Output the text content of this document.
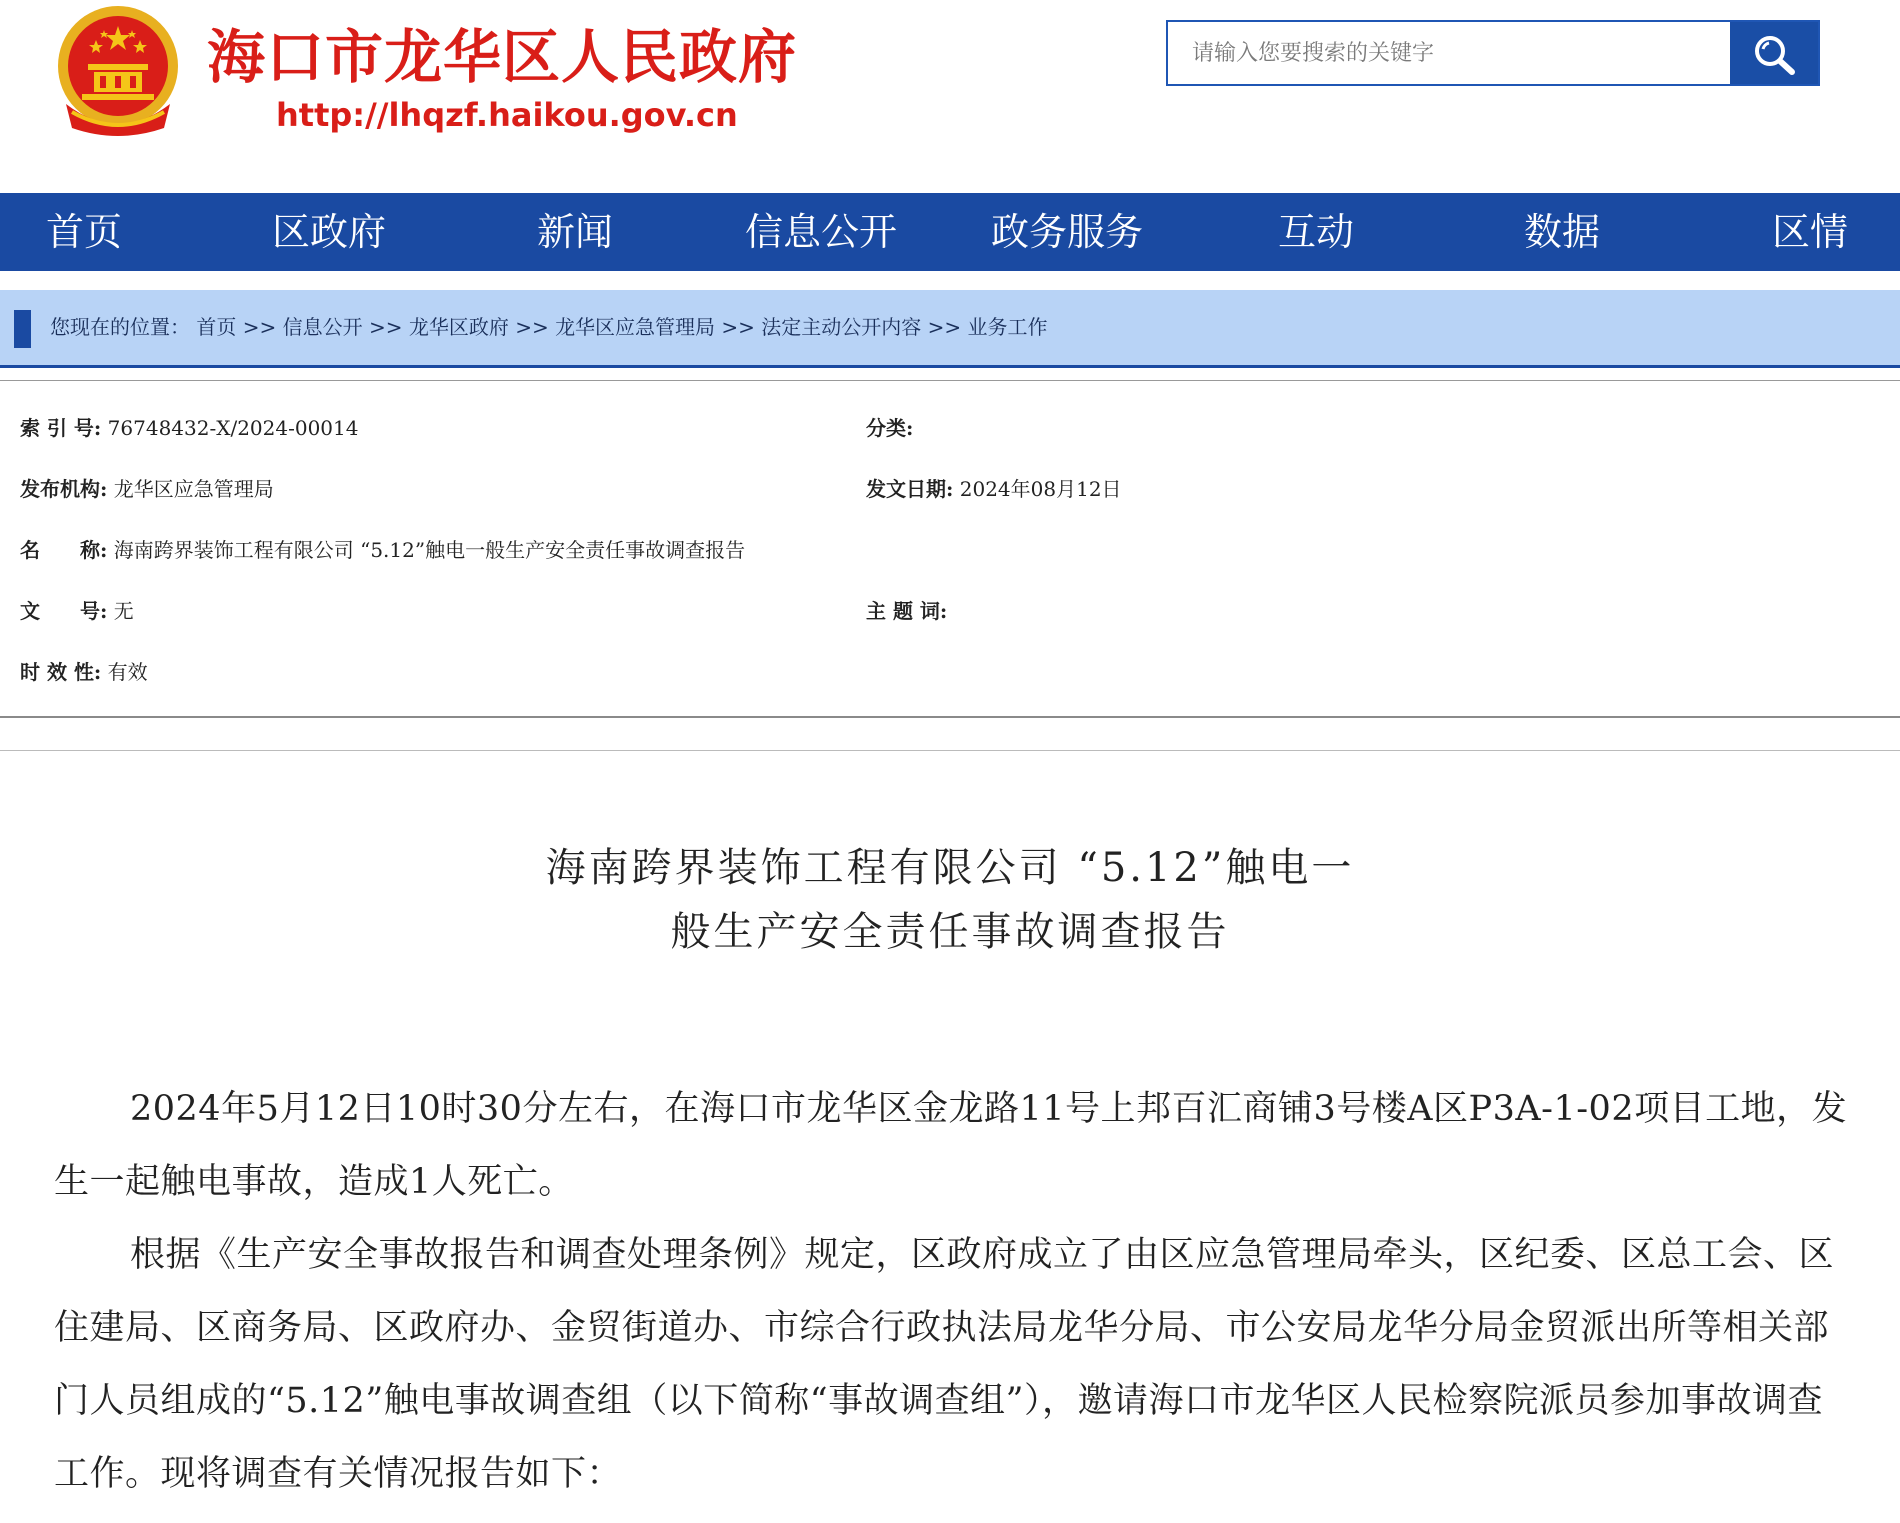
海口市龙华区人民政府
http://lhqzf.haikou.gov.cn
请输入您要搜索的关键字
首页	区政府	新闻	信息公开 政务服务	互动	数据	区情
您现在的位置： 首页 >> 信息公开 >> 龙华区政府 >> 龙华区应急管理局 >> 法定主动公开内容 >> 业务工作
索 引 号: 76748432-X/2024-00014	分类:
发布机构: 龙华区应急管理局	发文日期: 2024年08月12日
名　　称: 海南跨界装饰工程有限公司 “5.12”触电一般生产安全责任事故调查报告
文　　号: 无	主 题 词:
时 效 性: 有效
海南跨界装饰工程有限公司 “5.12”触电一
般生产安全责任事故调查报告
2024年5月12日10时30分左右，在海口市龙华区金龙路11号上邦百汇商铺3号楼A区P3A-1-02项目工地，发生一起触电事故，造成1人死亡。
根据《生产安全事故报告和调查处理条例》规定，区政府成立了由区应急管理局牵头，区纪委、区总工会、区住建局、区商务局、区政府办、金贸街道办、市综合行政执法局龙华分局、市公安局龙华分局金贸派出所等相关部门人员组成的“5.12”触电事故调查组（以下简称“事故调查组”），邀请海口市龙华区人民检察院派员参加事故调查工作。现将调查有关情况报告如下：
